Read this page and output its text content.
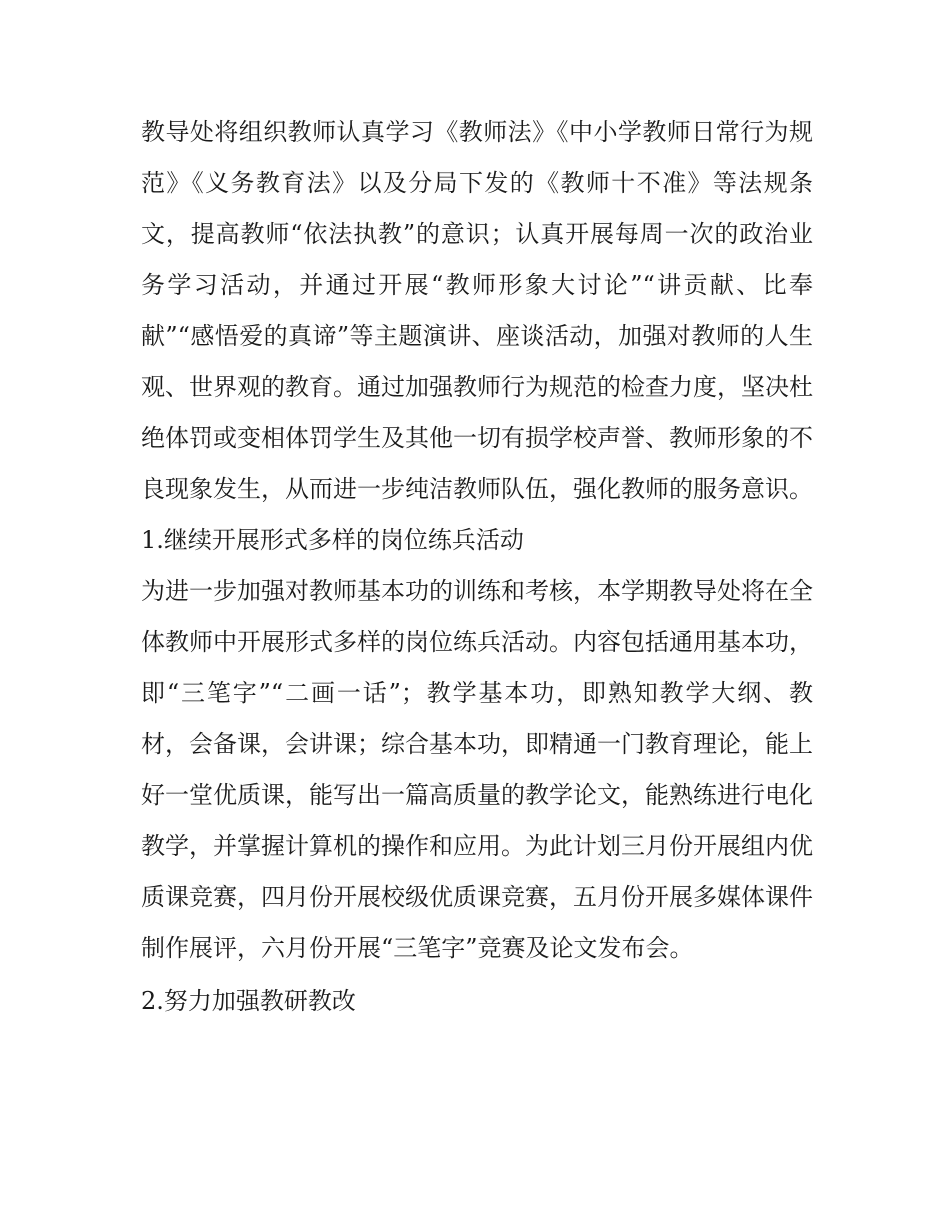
教导处将组织教师认真学习《教师法》《中小学教师日常行为规范》《义务教育法》以及分局下发的《教师十不准》等法规条文，提高教师“依法执教”的意识；认真开展每周一次的政治业务学习活动，并通过开展“教师形象大讨论”“讲贡献、比奉献”“感悟爱的真谛”等主题演讲、座谈活动，加强对教师的人生观、世界观的教育。通过加强教师行为规范的检查力度，坚决杜绝体罚或变相体罚学生及其他一切有损学校声誉、教师形象的不良现象发生，从而进一步纯洁教师队伍，强化教师的服务意识。

1.继续开展形式多样的岗位练兵活动

为进一步加强对教师基本功的训练和考核，本学期教导处将在全体教师中开展形式多样的岗位练兵活动。内容包括通用基本功，即“三笔字”“二画一话”；教学基本功，即熟知教学大纲、教材，会备课，会讲课；综合基本功，即精通一门教育理论，能上好一堂优质课，能写出一篇高质量的教学论文，能熟练进行电化教学，并掌握计算机的操作和应用。为此计划三月份开展组内优质课竞赛，四月份开展校级优质课竞赛，五月份开展多媒体课件制作展评，六月份开展“三笔字”竞赛及论文发布会。

2.努力加强教研教改
